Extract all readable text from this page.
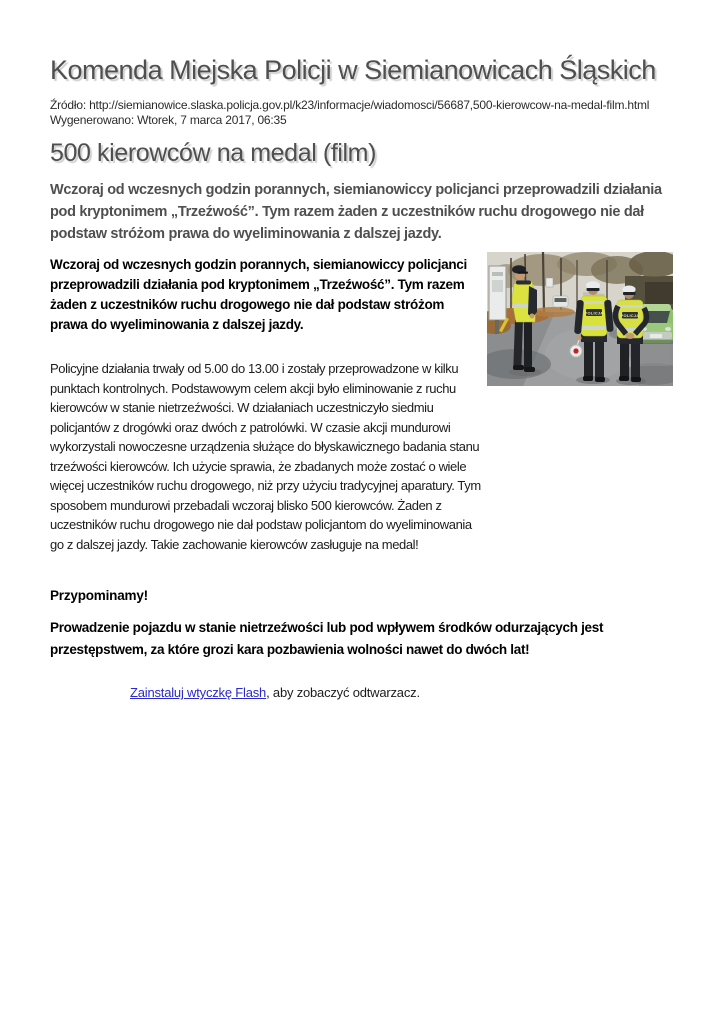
Komenda Miejska Policji w Siemianowicach Śląskich
Źródło: http://siemianowice.slaska.policja.gov.pl/k23/informacje/wiadomosci/56687,500-kierowcow-na-medal-film.html
Wygenerowano: Wtorek, 7 marca 2017, 06:35
500 kierowców na medal (film)

Wczoraj od wczesnych godzin porannych, siemianowiccy policjanci przeprowadzili działania pod kryptonimem „Trzeźwość”. Tym razem żaden z uczestników ruchu drogowego nie dał podstaw stróżom prawa do wyeliminowania z dalszej jazdy.

Wczoraj od wczesnych godzin porannych, siemianowiccy policjanci przeprowadzili działania pod kryptonimem „Trzeźwość”. Tym razem żaden z uczestników ruchu drogowego nie dał podstaw stróżom prawa do wyeliminowania z dalszej jazdy.

Policyjne działania trwały od 5.00 do 13.00 i zostały przeprowadzone w kilku punktach kontrolnych. Podstawowym celem akcji było eliminowanie z ruchu kierowców w stanie nietrzeźwości. W działaniach uczestniczyło siedmiu policjantów z drogówki oraz dwóch z patrolówki. W czasie akcji mundurowi wykorzystali nowoczesne urządzenia służące do błyskawicznego badania stanu trzeźwości kierowców. Ich użycie sprawia, że zbadanych może zostać o wiele więcej uczestników ruchu drogowego, niż przy użyciu tradycyjnej aparatury. Tym sposobem mundurowi przebadali wczoraj blisko 500 kierowców. Żaden z uczestników ruchu drogowego nie dał podstaw policjantom do wyeliminowania go z dalszej jazdy. Takie zachowanie kierowców zasługuje na medal!

POLICJA	POLICJA

Przypominamy!

Prowadzenie pojazdu w stanie nietrzeźwości lub pod wpływem środków odurzających jest przestępstwem, za które grozi kara pozbawienia wolności nawet do dwóch lat!

Zainstaluj wtyczkę Flash, aby zobaczyć odtwarzacz.
